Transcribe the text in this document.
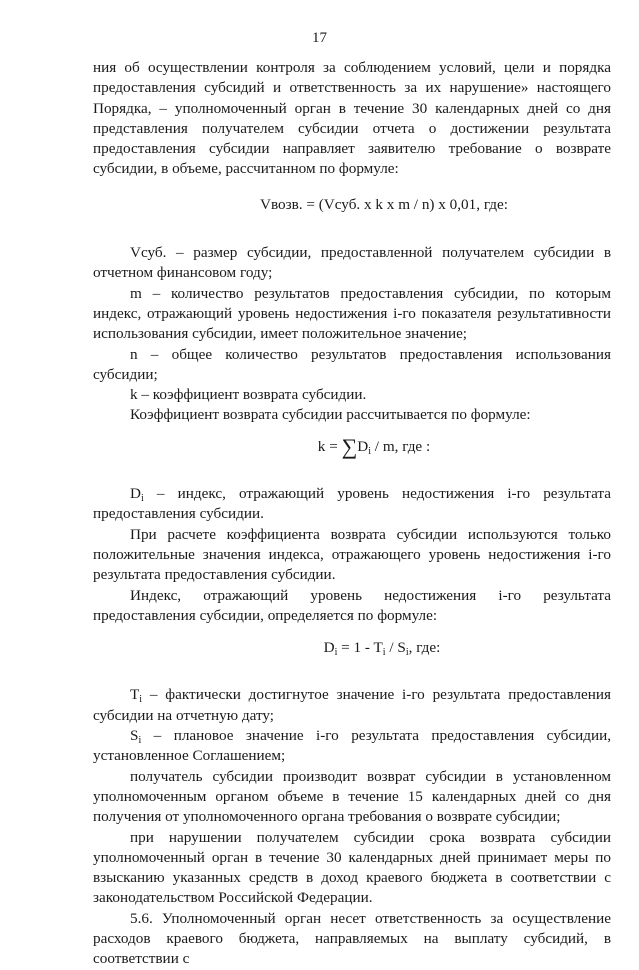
17

ния об осуществлении контроля за соблюдением условий, цели и порядка предоставления субсидий и ответственность за их нарушение» настоящего Порядка, – уполномоченный орган в течение 30 календарных дней со дня представления получателем субсидии отчета о достижении результата предоставления субсидии направляет заявителю требование о возврате субсидии, в объеме, рассчитанном по формуле:

Vвозв. = (Vсуб. x k x m / n) x 0,01, где:

Vсуб. – размер субсидии, предоставленной получателем субсидии в отчетном финансовом году;

m – количество результатов предоставления субсидии, по которым индекс, отражающий уровень недостижения i-го показателя результативности использования субсидии, имеет положительное значение;

n – общее количество результатов предоставления использования субсидии;

k – коэффициент возврата субсидии.

Коэффициент возврата субсидии рассчитывается по формуле:

$k = \sum D_i / m$, где :

$D_i$ – индекс, отражающий уровень недостижения i-го результата предоставления субсидии.

При расчете коэффициента возврата субсидии используются только положительные значения индекса, отражающего уровень недостижения i-го результата предоставления субсидии.

Индекс, отражающий уровень недостижения i-го результата предоставления субсидии, определяется по формуле:

$D_i = 1 - T_i / S_i$, где:

$T_i$ – фактически достигнутое значение i-го результата предоставления субсидии на отчетную дату;

$S_i$ – плановое значение i-го результата предоставления субсидии, установленное Соглашением;

получатель субсидии производит возврат субсидии в установленном уполномоченным органом объеме в течение 15 календарных дней со дня получения от уполномоченного органа требования о возврате субсидии;

при нарушении получателем субсидии срока возврата субсидии уполномоченный орган в течение 30 календарных дней принимает меры по взысканию указанных средств в доход краевого бюджета в соответствии с законодательством Российской Федерации.

5.6. Уполномоченный орган несет ответственность за осуществление расходов краевого бюджета, направляемых на выплату субсидий, в соответствии с
